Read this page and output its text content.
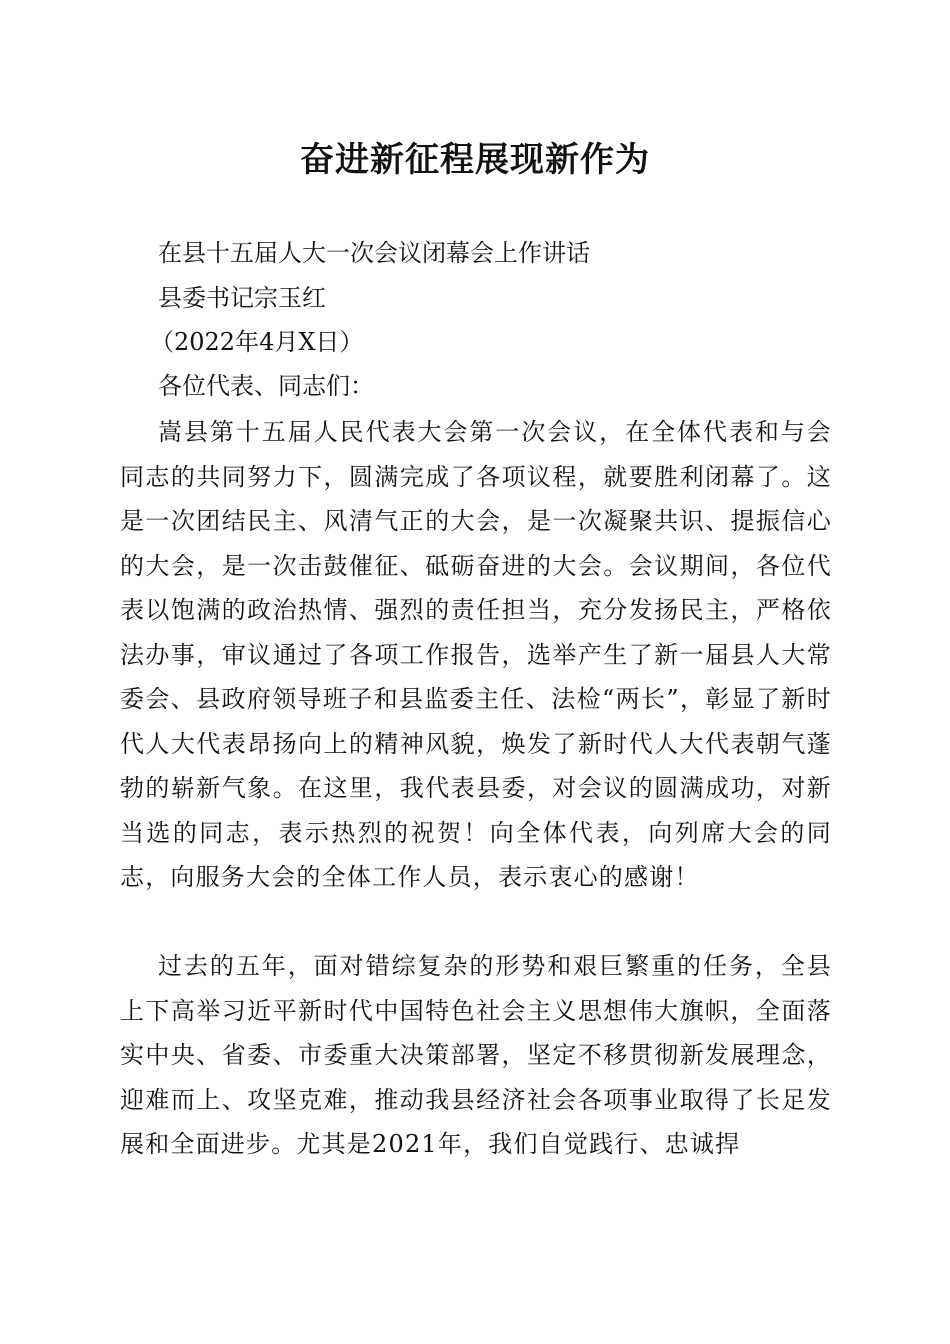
奋进新征程展现新作为
在县十五届人大一次会议闭幕会上作讲话
县委书记宗玉红
（2022年4月X日）
各位代表、同志们：

嵩县第十五届人民代表大会第一次会议，在全体代表和与会同志的共同努力下，圆满完成了各项议程，就要胜利闭幕了。这是一次团结民主、风清气正的大会，是一次凝聚共识、提振信心的大会，是一次击鼓催征、砥砺奋进的大会。会议期间，各位代表以饱满的政治热情、强烈的责任担当，充分发扬民主，严格依法办事，审议通过了各项工作报告，选举产生了新一届县人大常委会、县政府领导班子和县监委主任、法检“两长”，彰显了新时代人大代表昂扬向上的精神风貌，焕发了新时代人大代表朝气蓬勃的崭新气象。在这里，我代表县委，对会议的圆满成功，对新当选的同志，表示热烈的祝贺！向全体代表，向列席大会的同志，向服务大会的全体工作人员，表示衷心的感谢！

过去的五年，面对错综复杂的形势和艰巨繁重的任务，全县上下高举习近平新时代中国特色社会主义思想伟大旗帜，全面落实中央、省委、市委重大决策部署，坚定不移贯彻新发展理念，迎难而上、攻坚克难，推动我县经济社会各项事业取得了长足发展和全面进步。尤其是2021年，我们自觉践行、忠诚捍
